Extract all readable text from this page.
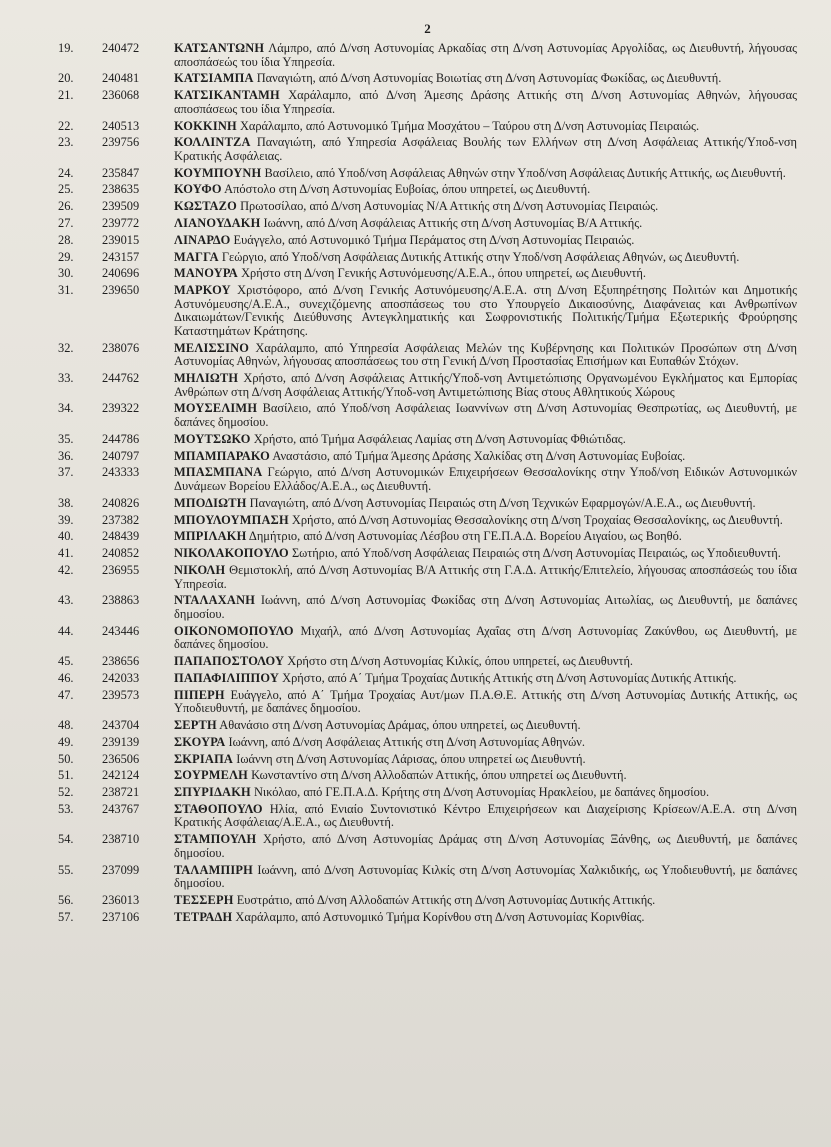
2
19.	240472	ΚΑΤΣΑΝΤΩΝΗ Λάμπρο, από Δ/νση Αστυνομίας Αρκαδίας στη Δ/νση Αστυνομίας Αργολίδας, ως Διευθυντή, λήγουσας αποσπάσεώς του ίδια Υπηρεσία.
20.	240481	ΚΑΤΣΙΑΜΠΑ Παναγιώτη, από Δ/νση Αστυνομίας Βοιωτίας στη Δ/νση Αστυνομίας Φωκίδας, ως Διευθυντή.
21.	236068	ΚΑΤΣΙΚΑΝΤΑΜΗ Χαράλαμπο, από Δ/νση Άμεσης Δράσης Αττικής στη Δ/νση Αστυνομίας Αθηνών, λήγουσας αποσπάσεως του ίδια Υπηρεσία.
22.	240513	ΚΟΚΚΙΝΗ Χαράλαμπο, από Αστυνομικό Τμήμα Μοσχάτου – Ταύρου στη Δ/νση Αστυνομίας Πειραιώς.
23.	239756	ΚΟΛΛΙΝΤΖΑ Παναγιώτη, από Υπηρεσία Ασφάλειας Βουλής των Ελλήνων στη Δ/νση Ασφάλειας Αττικής/Υποδ-νση Κρατικής Ασφάλειας.
24.	235847	ΚΟΥΜΠΟΥΝΗ Βασίλειο, από Υποδ/νση Ασφάλειας Αθηνών στην Υποδ/νση Ασφάλειας Δυτικής Αττικής, ως Διευθυντή.
25.	238635	ΚΟΥΦΟ Απόστολο στη Δ/νση Αστυνομίας Ευβοίας, όπου υπηρετεί, ως Διευθυντή.
26.	239509	ΚΩΣΤΑΖΟ Πρωτοσίλαο, από Δ/νση Αστυνομίας Ν/Α Αττικής στη Δ/νση Αστυνομίας Πειραιώς.
27.	239772	ΛΙΑΝΟΥΔΑΚΗ Ιωάννη, από Δ/νση Ασφάλειας Αττικής στη Δ/νση Αστυνομίας Β/Α Αττικής.
28.	239015	ΛΙΝΑΡΔΟ Ευάγγελο, από Αστυνομικό Τμήμα Περάματος στη Δ/νση Αστυνομίας Πειραιώς.
29.	243157	ΜΑΓΓΑ Γεώργιο, από Υποδ/νση Ασφάλειας Δυτικής Αττικής στην Υποδ/νση Ασφάλειας Αθηνών, ως Διευθυντή.
30.	240696	ΜΑΝΟΥΡΑ Χρήστο στη Δ/νση Γενικής Αστυνόμευσης/Α.Ε.Α., όπου υπηρετεί, ως Διευθυντή.
31.	239650	ΜΑΡΚΟΥ Χριστόφορο, από Δ/νση Γενικής Αστυνόμευσης/Α.Ε.Α. στη Δ/νση Εξυπηρέτησης Πολιτών και Δημοτικής Αστυνόμευσης/Α.Ε.Α., συνεχιζόμενης αποσπάσεως του στο Υπουργείο Δικαιοσύνης, Διαφάνειας και Ανθρωπίνων Δικαιωμάτων/Γενικής Διεύθυνσης Αντεγκληματικής και Σωφρονιστικής Πολιτικής/Τμήμα Εξωτερικής Φρούρησης Καταστημάτων Κράτησης.
32.	238076	ΜΕΛΙΣΣΙΝΟ Χαράλαμπο, από Υπηρεσία Ασφάλειας Μελών της Κυβέρνησης και Πολιτικών Προσώπων στη Δ/νση Αστυνομίας Αθηνών, λήγουσας αποσπάσεως του στη Γενική Δ/νση Προστασίας Επισήμων και Ευπαθών Στόχων.
33.	244762	ΜΗΛΙΩΤΗ Χρήστο, από Δ/νση Ασφάλειας Αττικής/Υποδ-νση Αντιμετώπισης Οργανωμένου Εγκλήματος και Εμπορίας Ανθρώπων στη Δ/νση Ασφάλειας Αττικής/Υποδ-νση Αντιμετώπισης Βίας στους Αθλητικούς Χώρους
34.	239322	ΜΟΥΣΕΛΙΜΗ Βασίλειο, από Υποδ/νση Ασφάλειας Ιωαννίνων στη Δ/νση Αστυνομίας Θεσπρωτίας, ως Διευθυντή, με δαπάνες δημοσίου.
35.	244786	ΜΟΥΤΣΩΚΟ Χρήστο, από Τμήμα Ασφάλειας Λαμίας στη Δ/νση Αστυνομίας Φθιώτιδας.
36.	240797	ΜΠΑΜΠΑΡΑΚΟ Αναστάσιο, από Τμήμα Άμεσης Δράσης Χαλκίδας στη Δ/νση Αστυνομίας Ευβοίας.
37.	243333	ΜΠΑΣΜΠΑΝΑ Γεώργιο, από Δ/νση Αστυνομικών Επιχειρήσεων Θεσσαλονίκης στην Υποδ/νση Ειδικών Αστυνομικών Δυνάμεων Βορείου Ελλάδος/Α.Ε.Α., ως Διευθυντή.
38.	240826	ΜΠΟΔΙΩΤΗ Παναγιώτη, από Δ/νση Αστυνομίας Πειραιώς στη Δ/νση Τεχνικών Εφαρμογών/Α.Ε.Α., ως Διευθυντή.
39.	237382	ΜΠΟΥΛΟΥΜΠΑΣΗ Χρήστο, από Δ/νση Αστυνομίας Θεσσαλονίκης στη Δ/νση Τροχαίας Θεσσαλονίκης, ως Διευθυντή.
40.	248439	ΜΠΡΙΛΑΚΗ Δημήτριο, από Δ/νση Αστυνομίας Λέσβου στη ΓΕ.Π.Α.Δ. Βορείου Αιγαίου, ως Βοηθό.
41.	240852	ΝΙΚΟΛΑΚΟΠΟΥΛΟ Σωτήριο, από Υποδ/νση Ασφάλειας Πειραιώς στη Δ/νση Αστυνομίας Πειραιώς, ως Υποδιευθυντή.
42.	236955	ΝΙΚΟΛΗ Θεμιστοκλή, από Δ/νση Αστυνομίας Β/Α Αττικής στη Γ.Α.Δ. Αττικής/Επιτελείο, λήγουσας αποσπάσεώς του ίδια Υπηρεσία.
43.	238863	ΝΤΑΛΑΧΑΝΗ Ιωάννη, από Δ/νση Αστυνομίας Φωκίδας στη Δ/νση Αστυνομίας Αιτωλίας, ως Διευθυντή, με δαπάνες δημοσίου.
44.	243446	ΟΙΚΟΝΟΜΟΠΟΥΛΟ Μιχαήλ, από Δ/νση Αστυνομίας Αχαΐας στη Δ/νση Αστυνομίας Ζακύνθου, ως Διευθυντή, με δαπάνες δημοσίου.
45.	238656	ΠΑΠΑΠΟΣΤΟΛΟΥ Χρήστο στη Δ/νση Αστυνομίας Κιλκίς, όπου υπηρετεί, ως Διευθυντή.
46.	242033	ΠΑΠΑΦΙΛΙΠΠΟΥ Χρήστο, από Α΄ Τμήμα Τροχαίας Δυτικής Αττικής στη Δ/νση Αστυνομίας Δυτικής Αττικής.
47.	239573	ΠΙΠΕΡΗ Ευάγγελο, από Α΄ Τμήμα Τροχαίας Αυτ/μων Π.Α.Θ.Ε. Αττικής στη Δ/νση Αστυνομίας Δυτικής Αττικής, ως Υποδιευθυντή, με δαπάνες δημοσίου.
48.	243704	ΣΕΡΤΗ Αθανάσιο στη Δ/νση Αστυνομίας Δράμας, όπου υπηρετεί, ως Διευθυντή.
49.	239139	ΣΚΟΥΡΑ Ιωάννη, από Δ/νση Ασφάλειας Αττικής στη Δ/νση Αστυνομίας Αθηνών.
50.	236506	ΣΚΡΙΑΠΑ Ιωάννη στη Δ/νση Αστυνομίας Λάρισας, όπου υπηρετεί ως Διευθυντή.
51.	242124	ΣΟΥΡΜΕΛΗ Κωνσταντίνο στη Δ/νση Αλλοδαπών Αττικής, όπου υπηρετεί ως Διευθυντή.
52.	238721	ΣΠΥΡΙΔΑΚΗ Νικόλαο, από ΓΕ.Π.Α.Δ. Κρήτης στη Δ/νση Αστυνομίας Ηρακλείου, με δαπάνες δημοσίου.
53.	243767	ΣΤΑΘΟΠΟΥΛΟ Ηλία, από Ενιαίο Συντονιστικό Κέντρο Επιχειρήσεων και Διαχείρισης Κρίσεων/Α.Ε.Α. στη Δ/νση Κρατικής Ασφάλειας/Α.Ε.Α., ως Διευθυντή.
54.	238710	ΣΤΑΜΠΟΥΛΗ Χρήστο, από Δ/νση Αστυνομίας Δράμας στη Δ/νση Αστυνομίας Ξάνθης, ως Διευθυντή, με δαπάνες δημοσίου.
55.	237099	ΤΑΛΑΜΠΙΡΗ Ιωάννη, από Δ/νση Αστυνομίας Κιλκίς στη Δ/νση Αστυνομίας Χαλκιδικής, ως Υποδιευθυντή, με δαπάνες δημοσίου.
56.	236013	ΤΕΣΣΕΡΗ Ευστράτιο, από Δ/νση Αλλοδαπών Αττικής στη Δ/νση Αστυνομίας Δυτικής Αττικής.
57.	237106	ΤΕΤΡΑΔΗ Χαράλαμπο, από Αστυνομικό Τμήμα Κορίνθου στη Δ/νση Αστυνομίας Κορινθίας.
